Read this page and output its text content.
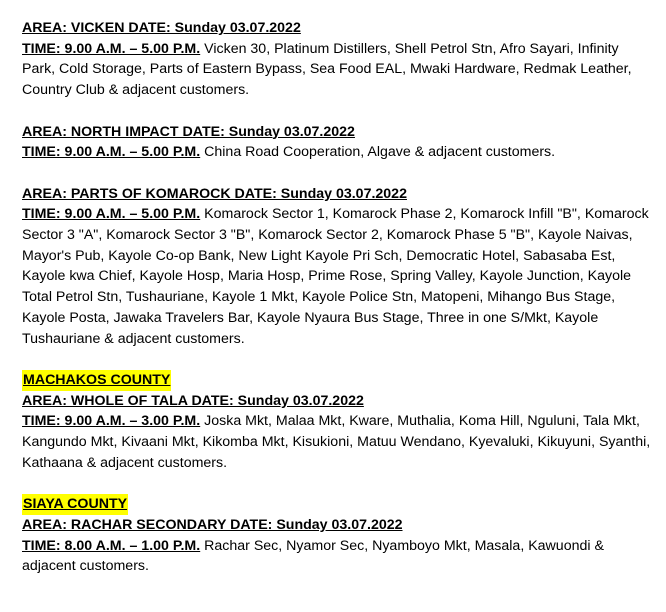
AREA: VICKEN DATE: Sunday 03.07.2022
TIME: 9.00 A.M. – 5.00 P.M. Vicken 30, Platinum Distillers, Shell Petrol Stn, Afro Sayari, Infinity Park, Cold Storage, Parts of Eastern Bypass, Sea Food EAL, Mwaki Hardware, Redmak Leather, Country Club & adjacent customers.
AREA: NORTH IMPACT DATE: Sunday 03.07.2022
TIME: 9.00 A.M. – 5.00 P.M. China Road Cooperation, Algave & adjacent customers.
AREA: PARTS OF KOMAROCK DATE: Sunday 03.07.2022
TIME: 9.00 A.M. – 5.00 P.M. Komarock Sector 1, Komarock Phase 2, Komarock Infill "B", Komarock Sector 3 "A", Komarock Sector 3 "B", Komarock Sector 2, Komarock Phase 5 "B", Kayole Naivas, Mayor's Pub, Kayole Co-op Bank, New Light Kayole Pri Sch, Democratic Hotel, Sabasaba Est, Kayole kwa Chief, Kayole Hosp, Maria Hosp, Prime Rose, Spring Valley, Kayole Junction, Kayole Total Petrol Stn, Tushauriane, Kayole 1 Mkt, Kayole Police Stn, Matopeni, Mihango Bus Stage, Kayole Posta, Jawaka Travelers Bar, Kayole Nyaura Bus Stage, Three in one S/Mkt, Kayole Tushauriane & adjacent customers.
MACHAKOS COUNTY
AREA: WHOLE OF TALA DATE: Sunday 03.07.2022
TIME: 9.00 A.M. – 3.00 P.M. Joska Mkt, Malaa Mkt, Kware, Muthalia, Koma Hill, Nguluni, Tala Mkt, Kangundo Mkt, Kivaani Mkt, Kikomba Mkt, Kisukioni, Matuu Wendano, Kyevaluki, Kikuyuni, Syanthi, Kathaana & adjacent customers.
SIAYA COUNTY
AREA: RACHAR SECONDARY DATE: Sunday 03.07.2022
TIME: 8.00 A.M. – 1.00 P.M. Rachar Sec, Nyamor Sec, Nyamboyo Mkt, Masala, Kawuondi & adjacent customers.
